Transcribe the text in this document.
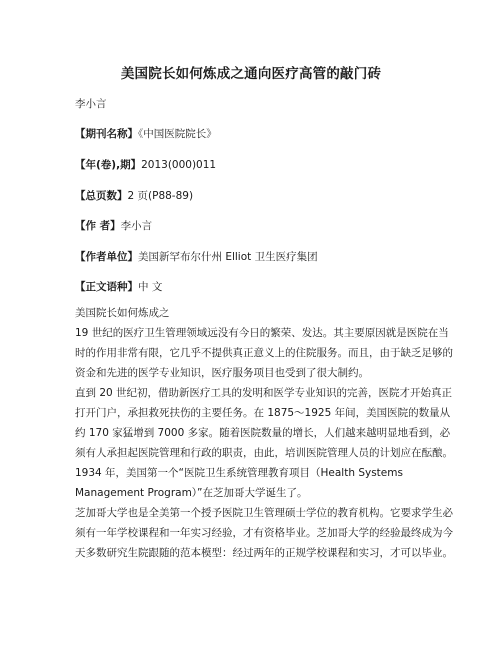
美国院长如何炼成之通向医疗高管的敲门砖
李小言
【期刊名称】《中国医院院长》
【年(卷),期】2013(000)011
【总页数】2 页(P88-89)
【作 者】李小言
【作者单位】美国新罕布尔什州 Elliot 卫生医疗集团
【正文语种】中 文
美国院长如何炼成之
19 世纪的医疗卫生管理领域远没有今日的繁荣、发达。其主要原因就是医院在当
时的作用非常有限，它几乎不提供真正意义上的住院服务。而且，由于缺乏足够的
资金和先进的医学专业知识，医疗服务项目也受到了很大制约。
直到 20 世纪初，借助新医疗工具的发明和医学专业知识的完善，医院才开始真正
打开门户，承担救死扶伤的主要任务。在 1875～1925 年间，美国医院的数量从
约 170 家猛增到 7000 多家。随着医院数量的增长，人们越来越明显地看到，必
须有人承担起医院管理和行政的职责，由此，培训医院管理人员的计划应在酝酿。
1934 年，美国第一个“医院卫生系统管理教育项目（Health Systems
Management Program）”在芝加哥大学诞生了。
芝加哥大学也是全美第一个授予医院卫生管理硕士学位的教育机构。它要求学生必
须有一年学校课程和一年实习经验，才有资格毕业。芝加哥大学的经验最终成为今
天多数研究生院跟随的范本模型：经过两年的正规学校课程和实习，才可以毕业。
